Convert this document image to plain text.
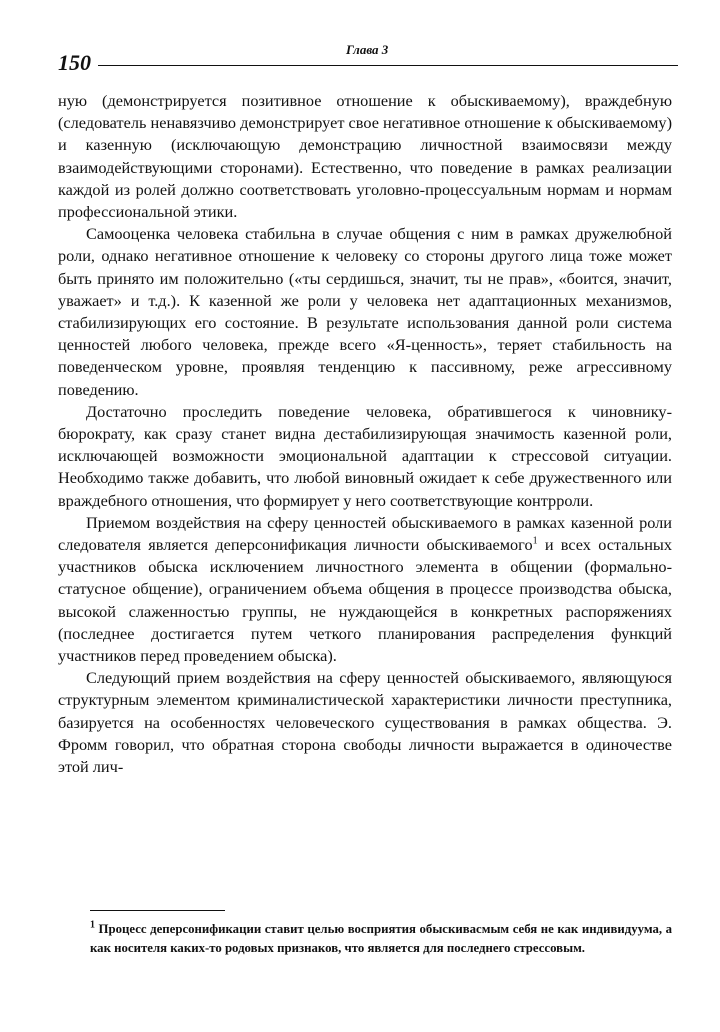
150
Глава 3

ную (демонстрируется позитивное отношение к обыскиваемому), враждебную (следователь ненавязчиво демонстрирует свое негативное отношение к обыскиваемому) и казенную (исключающую демонстрацию личностной взаимосвязи между взаимодействующими сторонами). Естественно, что поведение в рамках реализации каждой из ролей должно соответствовать уголовно-процессуальным нормам и нормам профессиональной этики.

Самооценка человека стабильна в случае общения с ним в рамках дружелюбной роли, однако негативное отношение к человеку со стороны другого лица тоже может быть принято им положительно («ты сердишься, значит, ты не прав», «боится, значит, уважает» и т.д.). К казенной же роли у человека нет адаптационных механизмов, стабилизирующих его состояние. В результате использования данной роли система ценностей любого человека, прежде всего «Я-ценность», теряет стабильность на поведенческом уровне, проявляя тенденцию к пассивному, реже агрессивному поведению.

Достаточно проследить поведение человека, обратившегося к чиновнику-бюрократу, как сразу станет видна дестабилизирующая значимость казенной роли, исключающей возможности эмоциональной адаптации к стрессовой ситуации. Необходимо также добавить, что любой виновный ожидает к себе дружественного или враждебного отношения, что формирует у него соответствующие контрроли.

Приемом воздействия на сферу ценностей обыскиваемого в рамках казенной роли следователя является деперсонификация личности обыскиваемого$^1$ и всех остальных участников обыска исключением личностного элемента в общении (формально-статусное общение), ограничением объема общения в процессе производства обыска, высокой слаженностью группы, не нуждающейся в конкретных распоряжениях (последнее достигается путем четкого планирования распределения функций участников перед проведением обыска).

Следующий прием воздействия на сферу ценностей обыскиваемого, являющуюся структурным элементом криминалистической характеристики личности преступника, базируется на особенностях человеческого существования в рамках общества. Э. Фромм говорил, что обратная сторона свободы личности выражается в одиночестве этой лич-

$^1$ Процесс деперсонификации ставит целью восприятия обыскивасмым себя не как индивидуума, а как носителя каких-то родовых признаков, что является для последнего стрессовым.
